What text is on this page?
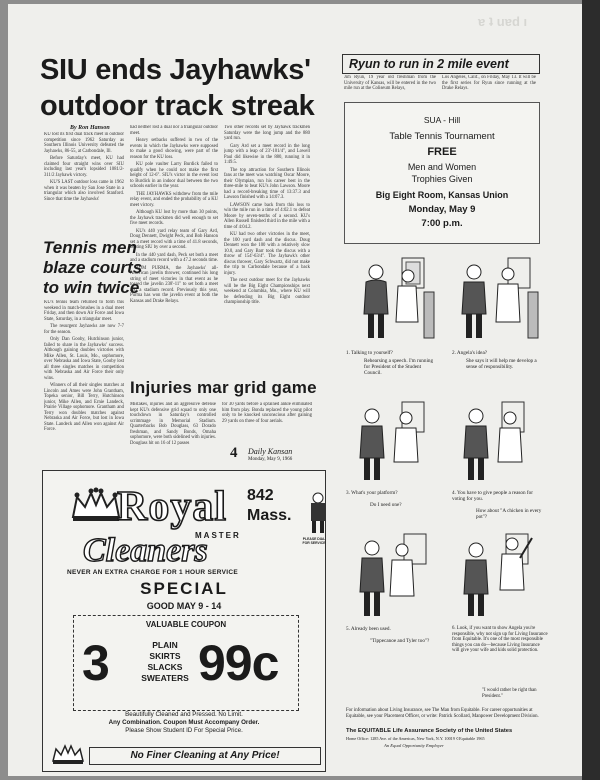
ɐ ʇ uɐd ı
SIU ends Jayhawks'
outdoor track streak
By Ron Hanson

KU lost its first dual track meet in outdoor competition since 1962 Saturday as Southern Illinois University defeated the Jayhawks, 86-55, at Carbondale, Ill.

Before Saturday's meet, KU had claimed four straight wins over SIU including last year's lopsided 1081/2-311/2 Jayhawk victory.

KU'S LAST outdoor loss came in 1962 when it was beaten by San Jose State in a triangular which also involved Stanford. Since that time the Jayhawks'

had neither lost a dual nor a triangular outdoor meet.

Heavy setbacks suffered in two of the events in which the Jayhawks were supposed to make a good showing, were part of the reason for the KU loss.

KU pole vaulter Larry Burdick failed to qualify when he could not make the first height of 12-6". SIU's victor in the event lost to Burdick in an indoor dual between the two schools earlier in the year.

THE JAYHAWKS withdrew from the mile relay event, and ended the probability of a KU meet victory.

Although KU lost by more than 30 points, the Jayhawk trackmen did well enough to set five meet records.

KU's 440 yard relay team of Gary Ard, Doug Dennett, Dwight Peck, and Bob Hanson set a meet record with a time of 41.8 seconds, beating SIU by over a second.

In the 440 yard dash, Peck set both a meet and a stadium record with a 47.2 seconds time.

TOM PURMA, the Jayhawks' all-American javelin thrower, continued his long string of meet victories in that event as he tossed the javelin 238'-11" to set both a meet and a stadium record. Previously this year, Purma has won the javelin event at both the Kansas and Drake Relays.

Two other records set by Jayhawk trackmen Saturday were the long jump and the 880 yard run.

Gary Ard set a meet record in the long jump with a leap of 23'-101/4", and Lowell Paul did likewise in the 880, running it in 1:49.5.

The top attraction for Southern Illinois fans at the meet was watching Oscar Moore, their Olympian, run his career best in the three-mile to beat KU's John Lawson. Moore had a record-breaking time of 13:37.3 and Lawson finished with a 14:07.3.

LAWSON came back from this loss to win the mile run in a time of 4:02.1 to defeat Moore by seven-tenths of a second. KU's Allen Russell finished third in the mile with a time of 4:04.2.

KU had two other victories in the meet, the 100 yard dash and the discus. Doug Dennett won the 100 with a relatively slow 10.0, and Gary Barr took the discus with a throw of 154'-63/4". The Jayhawk's other discus thrower, Gary Schwartz, did not make the trip to Carbondale because of a back injury.

The next outdoor meet for the Jayhawks will be the Big Eight Championships next weekend at Columbia, Mo., where KU will be defending its Big Eight outdoor championship title.

Tennis men
blaze courts
to win twice

KU's tennis team returned to form this weekend in match-brushes in a dual meet Friday, and then down Air Force and Iowa State, Saturday, in a triangular meet.

The resurgent Jayhawks are now 7-7 for the season.

Only Dan Gooby, Hutchinson junior, failed to share in the Jayhawks' success. Although gaining doubles victories with Mike Allen, St. Louis, Mo., sophomore, over Nebraska and Iowa State, Gooby lost all three singles matches in competition with Nebraska and Air Force their only wins.

Winners of all their singles matches at Lincoln and Ames were John Grantham, Topeka senior, Bill Terry, Hutchinson junior, Mike Allen, and Ernie Landeck, Prairie Village sophomore. Grantham and Terry won doubles matches against Nebraska and Air Force, but lost in Iowa State. Landeck and Allen won against Air Force.

Injuries mar grid game
Mistakes, injuries and an aggressive defense kept KU's defensive grid squad to only one touchdown in Saturday's controlled scrimmage in Memorial Stadium. Quarterbacks Bob Douglass, 63 Dorado freshman, and Sandy Bonds, Omaha sophomore, were both sidelined with injuries. Douglass hit on 16 of 12 passes
for 30 yards before a sprained ankle eliminated him from play. Bonda replaced the young pilot only to be knocked unconscious after gaining 29 yards on three of four aerials.
4 Daily Kansan
Monday, May 9, 1966
Royal
MASTER
Cleaners
NEVER AN EXTRA CHARGE FOR 1 HOUR SERVICE
842
Mass.
PLEASE DIAL FOR SERVICE
SPECIAL
GOOD MAY 9 - 14
VALUABLE COUPON
3	PLAIN
SKIRTS
SLACKS
SWEATERS 99c
Beautifully Cleaned and Pressed. No Limit.
Any Combination. Coupon Must Accompany Order.
Please Show Student ID For Special Price.
No Finer Cleaning at Any Price!
Ryun to run in 2 mile event
Jim Ryun, 19 year old freshman from the University of Kansas, will be entered in the two mile run at the Coliseum Relays,
Los Angeles, Calif., on Friday, May 13. It will be the first series for Ryun since running at the Drake Relays.
SUA - Hill
Table Tennis Tournament
FREE
Men and Women
Trophies Given
Big Eight Room, Kansas Union
Monday, May 9
7:00 p.m.
1. Talking to yourself?
Rehearsing a speech. I'm running for President of the Student Council.
2. Angela's idea?
She says it will help me develop a sense of responsibility.
3. What's your platform?
Do I need one?
4. You have to give people a reason for voting for you.
How about "A chicken in every pot"?
5. Already been used.
"Tippecanoe and Tyler too"?
6. Look, if you want to show Angela you're responsible, why not sign up for Living Insurance from Equitable. It's one of the most responsible things you can do—because Living Insurance will give your wife and kids solid protection.
"I would rather be right than President."
For information about Living Insurance, see The Man from Equitable. For career opportunities at Equitable, see your Placement Officer, or write: Patrick Scollard, Manpower Development Division.
The EQUITABLE Life Assurance Society of the United States
Home Office: 1285 Ave. of the Americas, New York, N.Y. 10019 ©Equitable 1965
An Equal Opportunity Employer
